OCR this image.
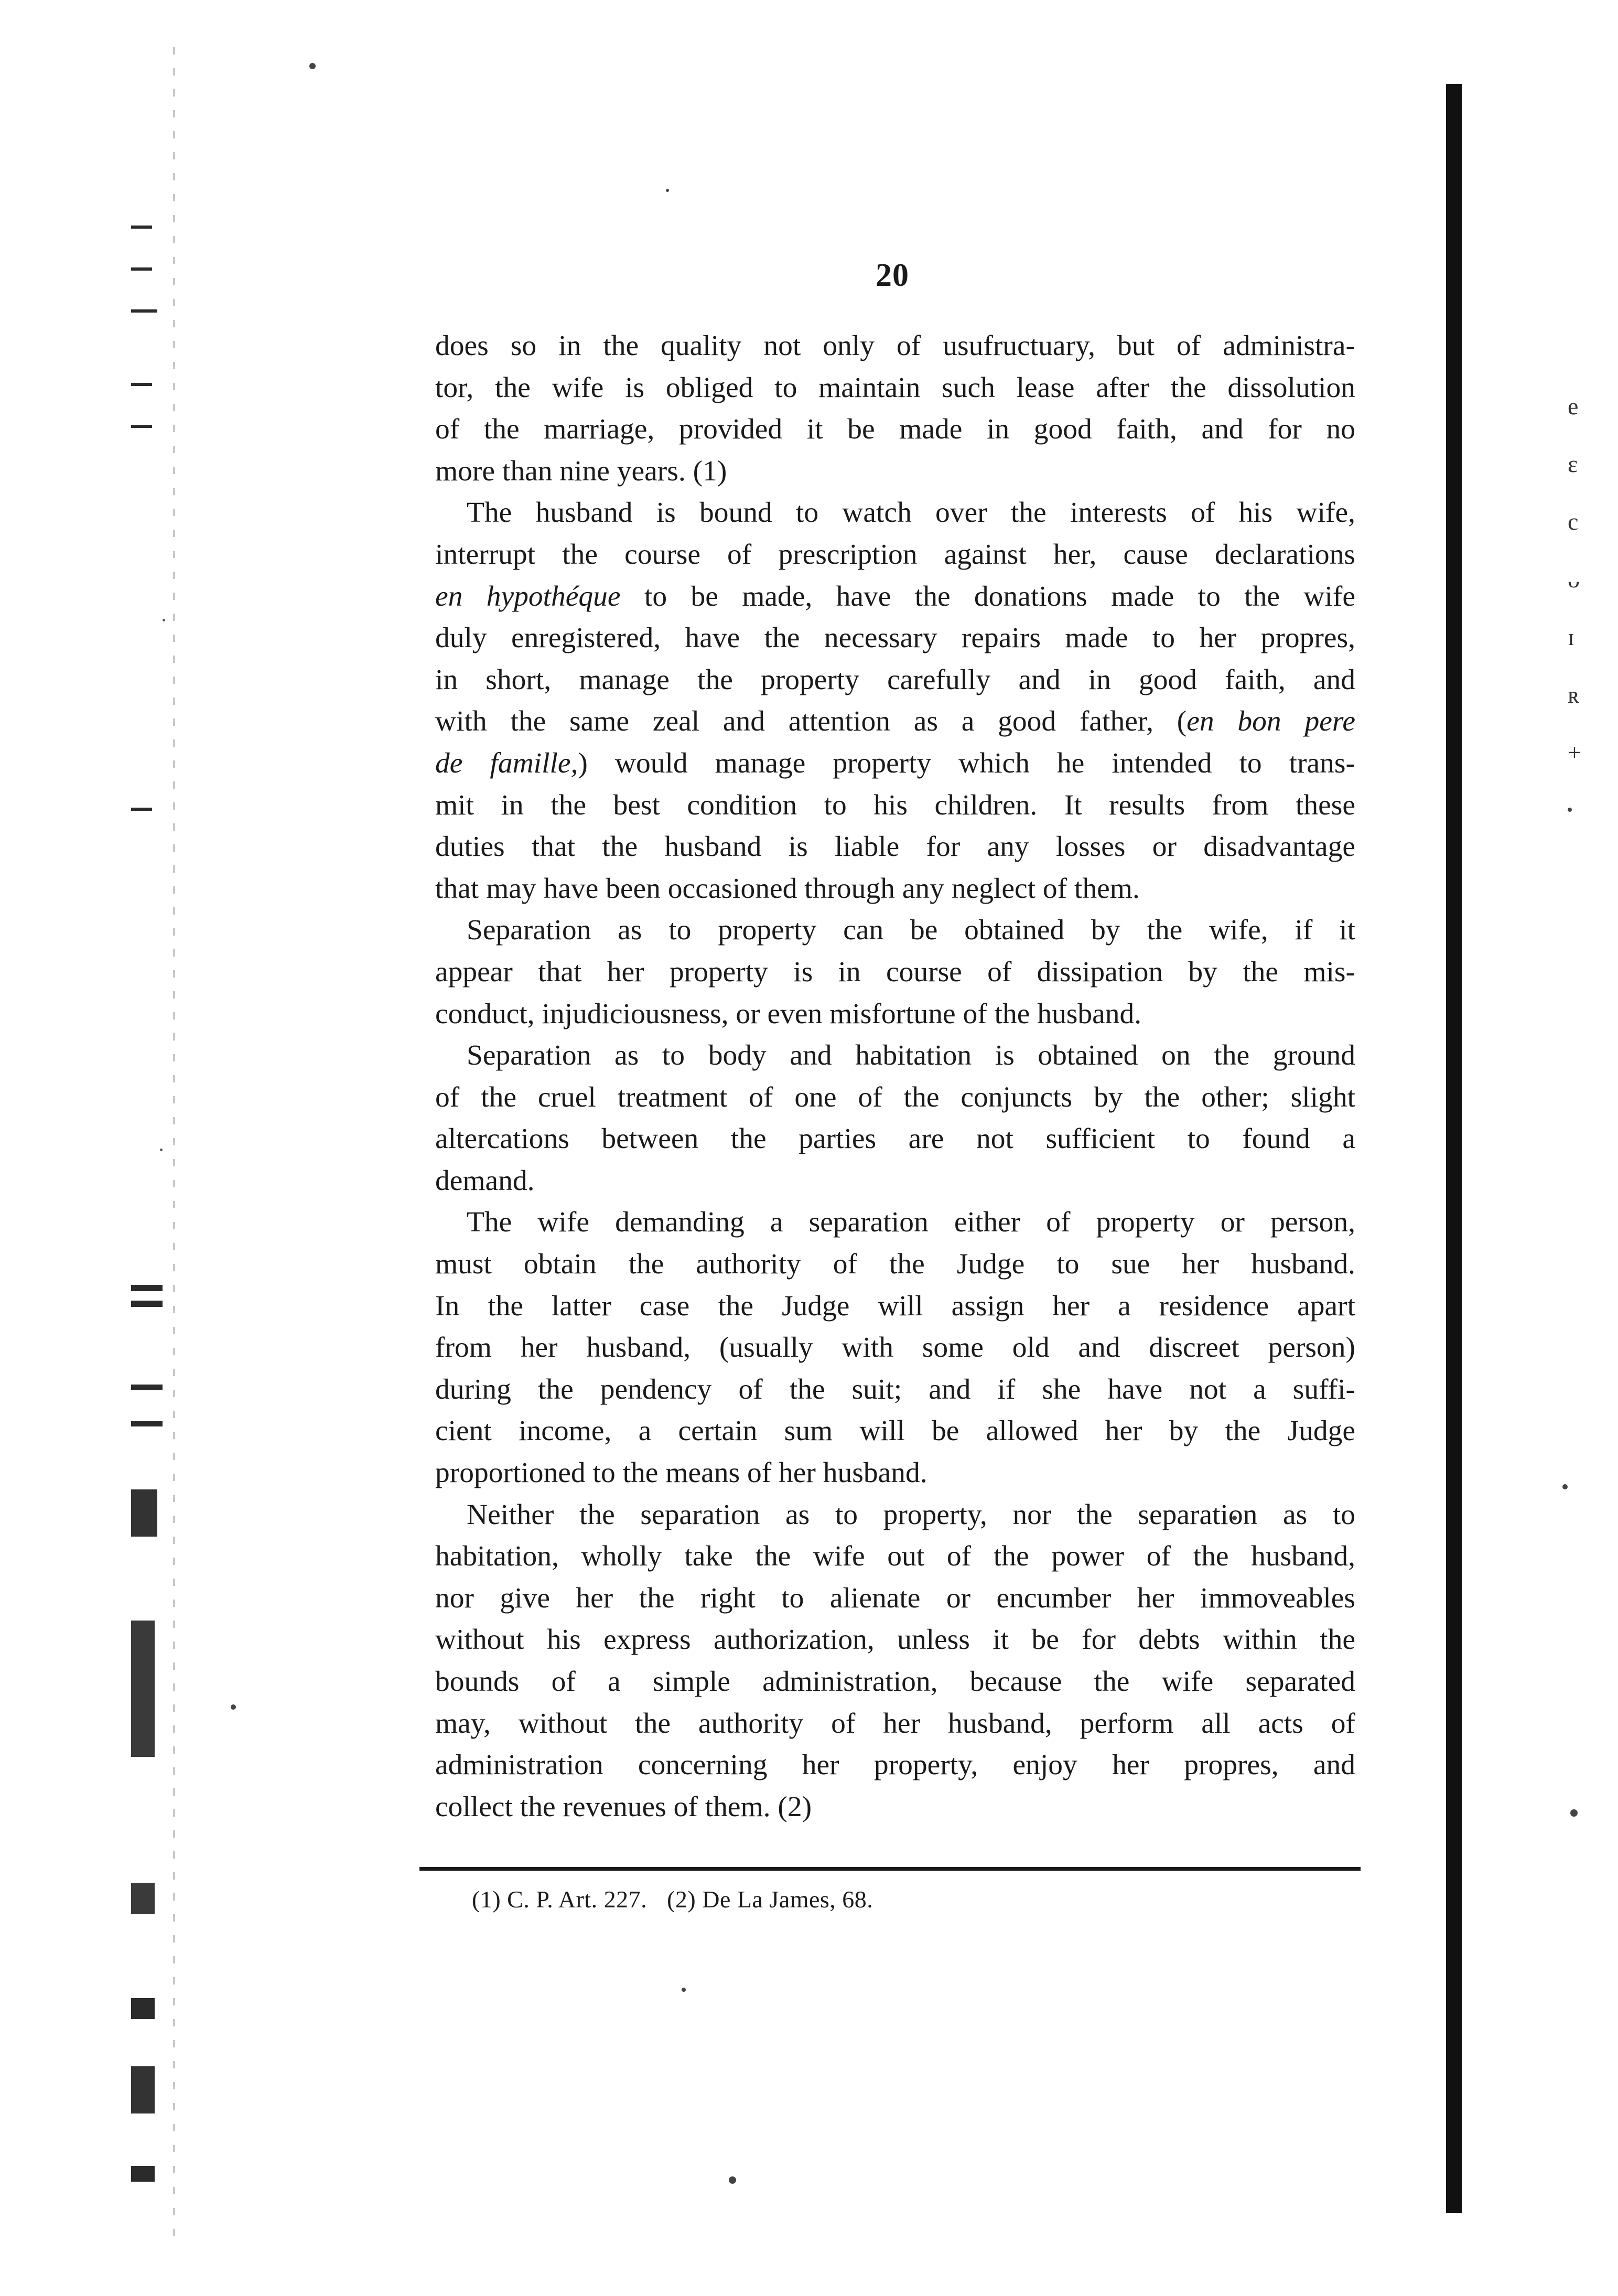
e
ε
c
ᴗ
ɪ
ʀ
+
20
does so in the quality not only of usufructuary, but of administra-
tor, the wife is obliged to maintain such lease after the dissolution
of the marriage, provided it be made in good faith, and for no
more than nine years. (1)
The husband is bound to watch over the interests of his wife,
interrupt the course of prescription against her, cause declarations
en hypothéque to be made, have the donations made to the wife
duly enregistered, have the necessary repairs made to her propres,
in short, manage the property carefully and in good faith, and
with the same zeal and attention as a good father, (en bon pere
de famille,) would manage property which he intended to trans-
mit in the best condition to his children. It results from these
duties that the husband is liable for any losses or disadvantage
that may have been occasioned through any neglect of them.
Separation as to property can be obtained by the wife, if it
appear that her property is in course of dissipation by the mis-
conduct, injudiciousness, or even misfortune of the husband.
Separation as to body and habitation is obtained on the ground
of the cruel treatment of one of the conjuncts by the other; slight
altercations between the parties are not sufficient to found a
demand.
The wife demanding a separation either of property or person,
must obtain the authority of the Judge to sue her husband.
In the latter case the Judge will assign her a residence apart
from her husband, (usually with some old and discreet person)
during the pendency of the suit; and if she have not a suffi-
cient income, a certain sum will be allowed her by the Judge
proportioned to the means of her husband.
Neither the separation as to property, nor the separation as to
habitation, wholly take the wife out of the power of the husband,
nor give her the right to alienate or encumber her immoveables
without his express authorization, unless it be for debts within the
bounds of a simple administration, because the wife separated
may, without the authority of her husband, perform all acts of
administration concerning her property, enjoy her propres, and
collect the revenues of them. (2)
(1) C. P. Art. 227. (2) De La James, 68.
